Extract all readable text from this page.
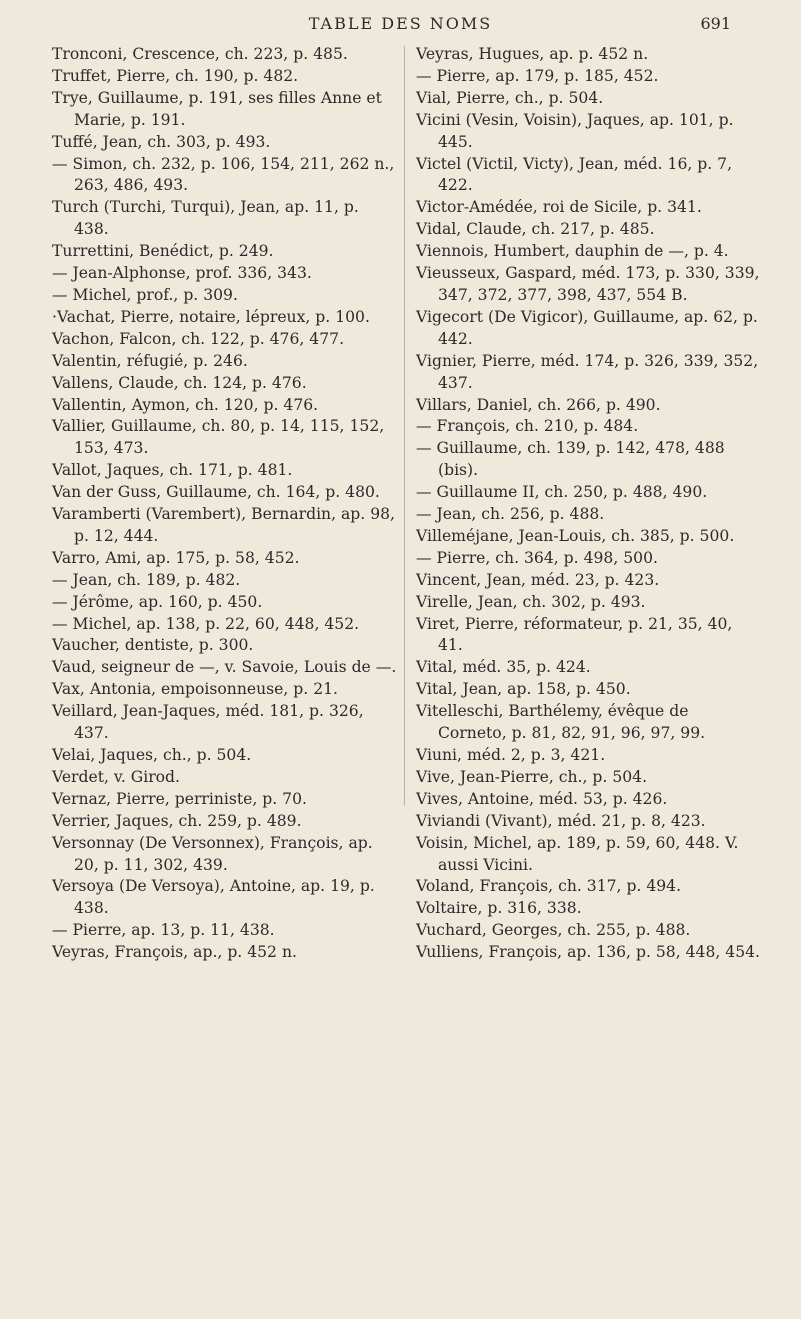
TABLE DES NOMS	691

Tronconi, Crescence, ch. 223, p. 485.

Truffet, Pierre, ch. 190, p. 482.

Trye, Guillaume, p. 191, ses filles Anne et Marie, p. 191.

Tuffé, Jean, ch. 303, p. 493.

— Simon, ch. 232, p. 106, 154, 211, 262 n., 263, 486, 493.

Turch (Turchi, Turqui), Jean, ap. 11, p. 438.

Turrettini, Benédict, p. 249.

— Jean-Alphonse, prof. 336, 343.

— Michel, prof., p. 309.

·Vachat, Pierre, notaire, lépreux, p. 100.

Vachon, Falcon, ch. 122, p. 476, 477.

Valentin, réfugié, p. 246.

Vallens, Claude, ch. 124, p. 476.

Vallentin, Aymon, ch. 120, p. 476.

Vallier, Guillaume, ch. 80, p. 14, 115, 152, 153, 473.

Vallot, Jaques, ch. 171, p. 481.

Van der Guss, Guillaume, ch. 164, p. 480.

Varamberti (Varembert), Bernardin, ap. 98, p. 12, 444.

Varro, Ami, ap. 175, p. 58, 452.

— Jean, ch. 189, p. 482.

— Jérôme, ap. 160, p. 450.

— Michel, ap. 138, p. 22, 60, 448, 452.

Vaucher, dentiste, p. 300.

Vaud, seigneur de —, v. Savoie, Louis de —.

Vax, Antonia, empoisonneuse, p. 21.

Veillard, Jean-Jaques, méd. 181, p. 326, 437.

Velai, Jaques, ch., p. 504.

Verdet, v. Girod.

Vernaz, Pierre, perriniste, p. 70.

Verrier, Jaques, ch. 259, p. 489.

Versonnay (De Versonnex), François, ap. 20, p. 11, 302, 439.

Versoya (De Versoya), Antoine, ap. 19, p. 438.

— Pierre, ap. 13, p. 11, 438.

Veyras, François, ap., p. 452 n.

Veyras, Hugues, ap. p. 452 n.

— Pierre, ap. 179, p. 185, 452.

Vial, Pierre, ch., p. 504.

Vicini (Vesin, Voisin), Jaques, ap. 101, p. 445.

Victel (Victil, Victy), Jean, méd. 16, p. 7, 422.

Victor-Amédée, roi de Sicile, p. 341.

Vidal, Claude, ch. 217, p. 485.

Viennois, Humbert, dauphin de —, p. 4.

Vieusseux, Gaspard, méd. 173, p. 330, 339, 347, 372, 377, 398, 437, 554 B.

Vigecort (De Vigicor), Guillaume, ap. 62, p. 442.

Vignier, Pierre, méd. 174, p. 326, 339, 352, 437.

Villars, Daniel, ch. 266, p. 490.

— François, ch. 210, p. 484.

— Guillaume, ch. 139, p. 142, 478, 488 (bis).

— Guillaume II, ch. 250, p. 488, 490.

— Jean, ch. 256, p. 488.

Villeméjane, Jean-Louis, ch. 385, p. 500.

— Pierre, ch. 364, p. 498, 500.

Vincent, Jean, méd. 23, p. 423.

Virelle, Jean, ch. 302, p. 493.

Viret, Pierre, réformateur, p. 21, 35, 40, 41.

Vital, méd. 35, p. 424.

Vital, Jean, ap. 158, p. 450.

Vitelleschi, Barthélemy, évêque de Corneto, p. 81, 82, 91, 96, 97, 99.

Viuni, méd. 2, p. 3, 421.

Vive, Jean-Pierre, ch., p. 504.

Vives, Antoine, méd. 53, p. 426.

Viviandi (Vivant), méd. 21, p. 8, 423.

Voisin, Michel, ap. 189, p. 59, 60, 448. V. aussi Vicini.

Voland, François, ch. 317, p. 494.

Voltaire, p. 316, 338.

Vuchard, Georges, ch. 255, p. 488.

Vulliens, François, ap. 136, p. 58, 448, 454.
